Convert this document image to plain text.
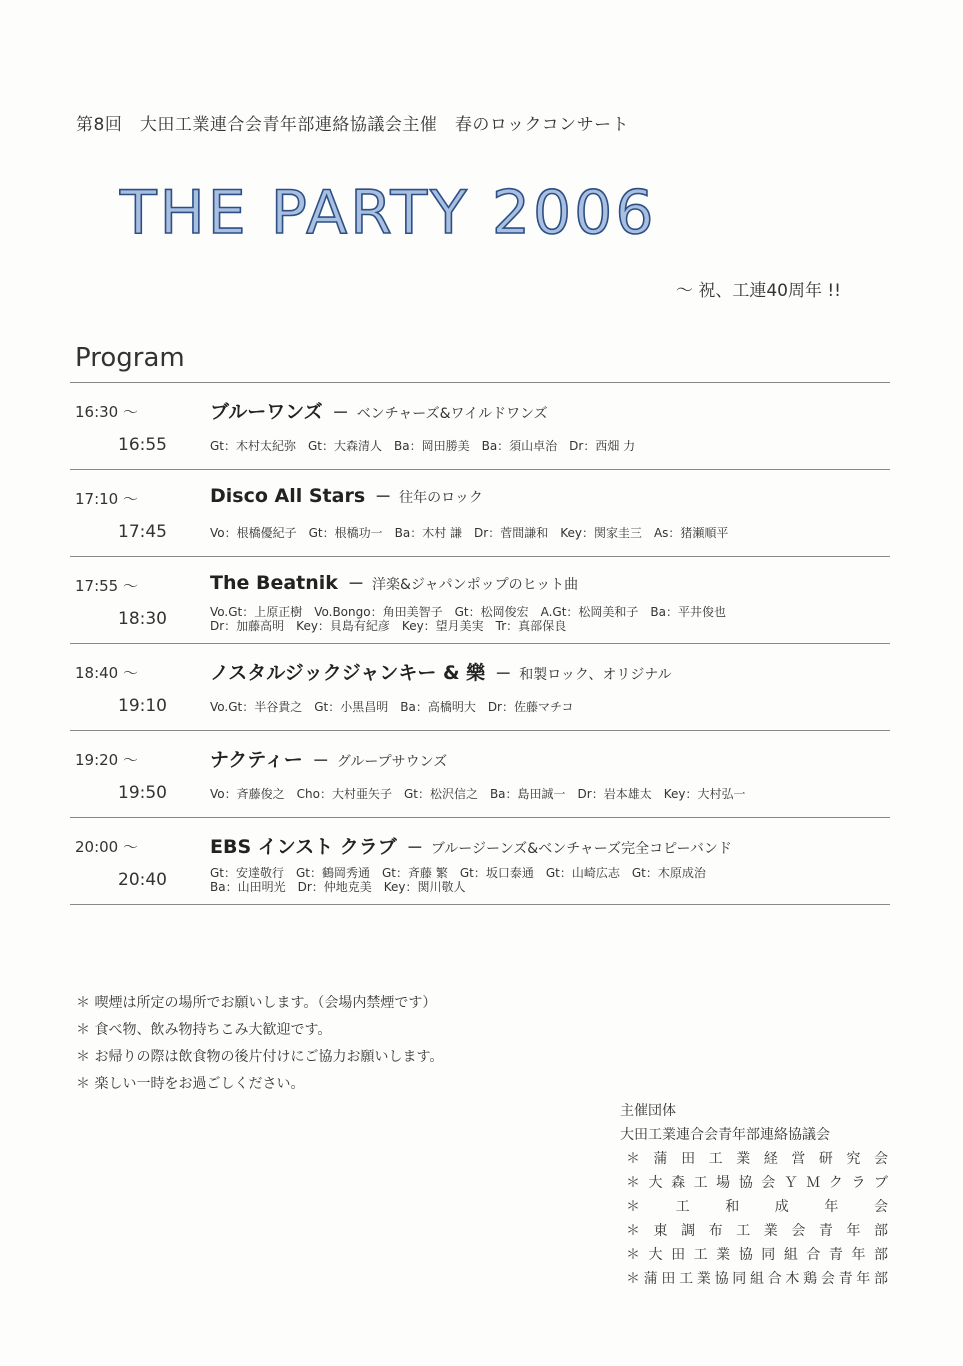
第8回　大田工業連合会青年部連絡協議会主催　春のロックコンサート
THE PARTY 2006
～ 祝、工連40周年 !!
Program
16:30 ～
16:55
ブルーワンズ － ベンチャーズ&ワイルドワンズ
Gt：木村太紀弥　Gt：大森清人　Ba：岡田勝美　Ba：須山卓治　Dr：西畑 力
17:10 ～
17:45
Disco All Stars － 往年のロック
Vo：根橋優紀子　Gt：根橋功一　Ba：木村 謙　Dr：菅間謙和　Key：関家圭三　As：猪瀬順平
17:55 ～
18:30
The Beatnik － 洋楽&ジャパンポップのヒット曲
Vo.Gt：上原正樹　Vo.Bongo：角田美智子　Gt：松岡俊宏　A.Gt：松岡美和子　Ba：平井俊也
Dr：加藤高明　Key：貝島有紀彦　Key：望月美実　Tr：真部保良
18:40 ～
19:10
ノスタルジックジャンキー & 樂 － 和製ロック、オリジナル
Vo.Gt：半谷貴之　Gt：小黒昌明　Ba：高橋明大　Dr：佐藤マチコ
19:20 ～
19:50
ナクティー － グループサウンズ
Vo：斉藤俊之　Cho：大村亜矢子　Gt：松沢信之　Ba：島田誠一　Dr：岩本雄太　Key：大村弘一
20:00 ～
20:40
EBS インスト クラブ － ブルージーンズ&ベンチャーズ完全コピーバンド
Gt：安達敬行　Gt：鶴岡秀通　Gt：斉藤 繁　Gt：坂口泰通　Gt：山崎広志　Gt：木原成治
Ba：山田明光　Dr：仲地克美　Key：関川敬人
＊ 喫煙は所定の場所でお願いします。（会場内禁煙です）
＊ 食べ物、飲み物持ちこみ大歓迎です。
＊ お帰りの際は飲食物の後片付けにご協力お願いします。
＊ 楽しい一時をお過ごしください。
主催団体
大田工業連合会青年部連絡協議会
＊蒲田工業経営研究会
＊大森工場協会ＹＭクラブ
＊工和成年会
＊東調布工業会青年部
＊大田工業協同組合青年部
＊蒲田工業協同組合木鶏会青年部
